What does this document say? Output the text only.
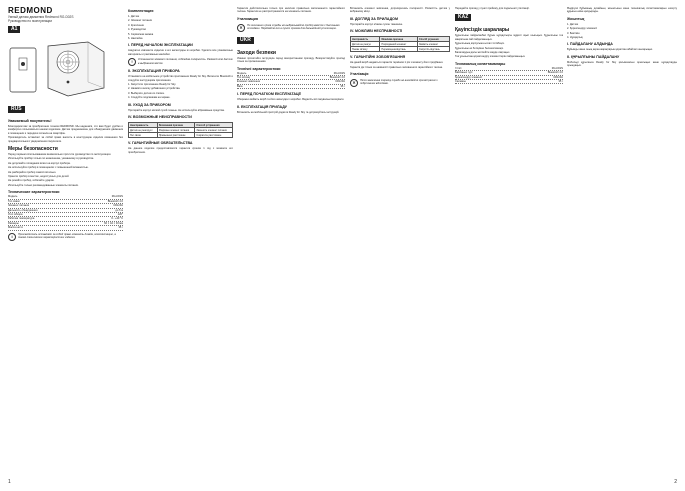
REDMOND
Умный датчик движения Redmond RG-D02S
Руководство по эксплуатации
A1
RUS
Уважаемый покупатель!
Благодарим вас за приобретение техники REDMOND. Мы надеемся, что вам будет удобно и комфортно пользоваться нашим изделием. Датчик предназначен для обнаружения движения в помещении и передачи сигнала на смартфон.
Производитель оставляет за собой право вносить в конструкцию изделия изменения без предварительного уведомления покупателя.
Меры безопасности
Перед первым использованием внимательно прочтите руководство по эксплуатации.
Используйте прибор только по назначению, указанному в руководстве.
Не допускайте попадания влаги на корпус прибора.
Не используйте прибор в помещениях с повышенной влажностью.
Не разбирайте прибор самостоятельно.
Храните прибор в местах, недоступных для детей.
Не роняйте прибор, избегайте ударов.
Используйте только рекомендованные элементы питания.
Технические характеристики
Модель	RG-D02S
Тип связи	Bluetooth 4.0
Элемент питания	CR123A
Дальность обнаружения	до 5 м
Угол обзора	120°
Рабочая температура	0...+40 °С
Размеры	60 × 44 × 33 мм
Масса нетто	35 г
i	Производитель оставляет за собой право изменять дизайн, комплектацию, а также технические характеристики изделия.
Комплектация
1. Датчик
2. Элемент питания
3. Крепление
4. Руководство
5. Сервисная книжка
6. Наклейка
I. ПЕРЕД НАЧАЛОМ ЭКСПЛУАТАЦИИ
Аккуратно извлеките изделие и его аксессуары из коробки. Удалите все упаковочные материалы и рекламные наклейки.
!	Установите элемент питания, соблюдая полярность. Разместите датчик в выбранном месте.
II. ЭКСПЛУАТАЦИЯ ПРИБОРА
Установите на мобильное устройство приложение Ready for Sky. Включите Bluetooth и следуйте инструкциям приложения.
1. Запустите приложение Ready for Sky.
2. Нажмите кнопку добавления устройства.
3. Выберите датчик из списка.
4. Следуйте подсказкам на экране.
III. УХОД ЗА ПРИБОРОМ
Протирайте корпус мягкой сухой тканью. Не используйте абразивные средства.
IV. ВОЗМОЖНЫЕ НЕИСПРАВНОСТИ
Неисправность	Возможная причина	Способ устранения
Датчик не реагирует	Разряжен элемент питания	Замените элемент питания
Нет связи	Превышено расстояние	Сократите расстояние
V. ГАРАНТИЙНЫЕ ОБЯЗАТЕЛЬСТВА
На данное изделие предоставляется гарантия сроком 1 год с момента его приобретения.
Гарантия действительна только при наличии правильно заполненного гарантийного талона. Гарантия не распространяется на элементы питания.
Утилизация
✕	По окончании срока службы не выбрасывайте прибор вместе с бытовыми отходами. Передайте его в пункт приема для дальнейшей утилизации.
UKR
Заходи безпеки
Уважно прочитайте інструкцію перед використанням приладу. Використовуйте прилад тільки за призначенням.
Технічні характеристики
Модель	RG-D02S
Тип зв'язку	Bluetooth 4.0
Елемент живлення	CR123A
Вага	35 г
І. ПЕРЕД ПОЧАТКОМ ЕКСПЛУАТАЦІЇ
Обережно вийміть виріб та його аксесуари з коробки. Видаліть всі пакувальні матеріали.
ІІ. ЕКСПЛУАТАЦІЯ ПРИЛАДУ
Встановіть на мобільний пристрій додаток Ready for Sky та дотримуйтесь інструкцій.
Встановіть елемент живлення, дотримуючись полярності. Розмістіть датчик у вибраному місці.
ІІІ. ДОГЛЯД ЗА ПРИЛАДОМ
Протирайте корпус м'якою сухою тканиною.
IV. МОЖЛИВІ НЕСПРАВНОСТІ
Несправність	Можлива причина	Спосіб усунення
Датчик не реагує	Розряджений елемент	Замініть елемент
Немає зв'язку	Перевищена відстань	Скоротіть відстань
V. ГАРАНТІЙНІ ЗОБОВ'ЯЗАННЯ
На даний виріб надається гарантія терміном 1 рік з моменту його придбання.
Гарантія діє тільки за наявності правильно заповненого гарантійного талона.
Утилізація
✕	Після закінчення терміну служби не викидайте прилад разом з побутовими відходами.
Передайте прилад у пункт прийому для подальшої утилізації.
KAZ
Қауіпсіздік шаралары
Құрылғыны пайдаланбас бұрын нұсқаулықты мұқият оқып шығыңыз. Құрылғыны тек мақсатына сай пайдаланыңыз.
Құрылғының корпусына ылғал тигізбеңіз.
Құрылғыны өз бетіңізше бөлшектемеңіз.
Балалардың қолы жетпейтін жерде сақтаңыз.
Тек ұсынылған қоректендіру элементтерін пайдаланыңыз.
Техникалық сипаттамалары
Үлгісі	RG-D02S
Байланыс түрі	Bluetooth 4.0
Қоректендіру элементі	CR123A
Салмағы	35 г
Өндіруші бұйымның дизайнын, жиынтығын және техникалық сипаттамаларын өзгерту құқығын өзіне қалдырады.
Жиынтық
1. Датчик
2. Қоректендіру элементі
3. Бекіткіш
4. Нұсқаулық
І. ПАЙДАЛАНУ АЛДЫНДА
Бұйымды және оның керек-жарақтарын қораптан абайлап шығарыңыз.
ІІ. ҚҰРЫЛҒЫНЫ ПАЙДАЛАНУ
Мобильді құрылғыға Ready for Sky қосымшасын орнатыңыз және нұсқауларды орындаңыз.
1	2
